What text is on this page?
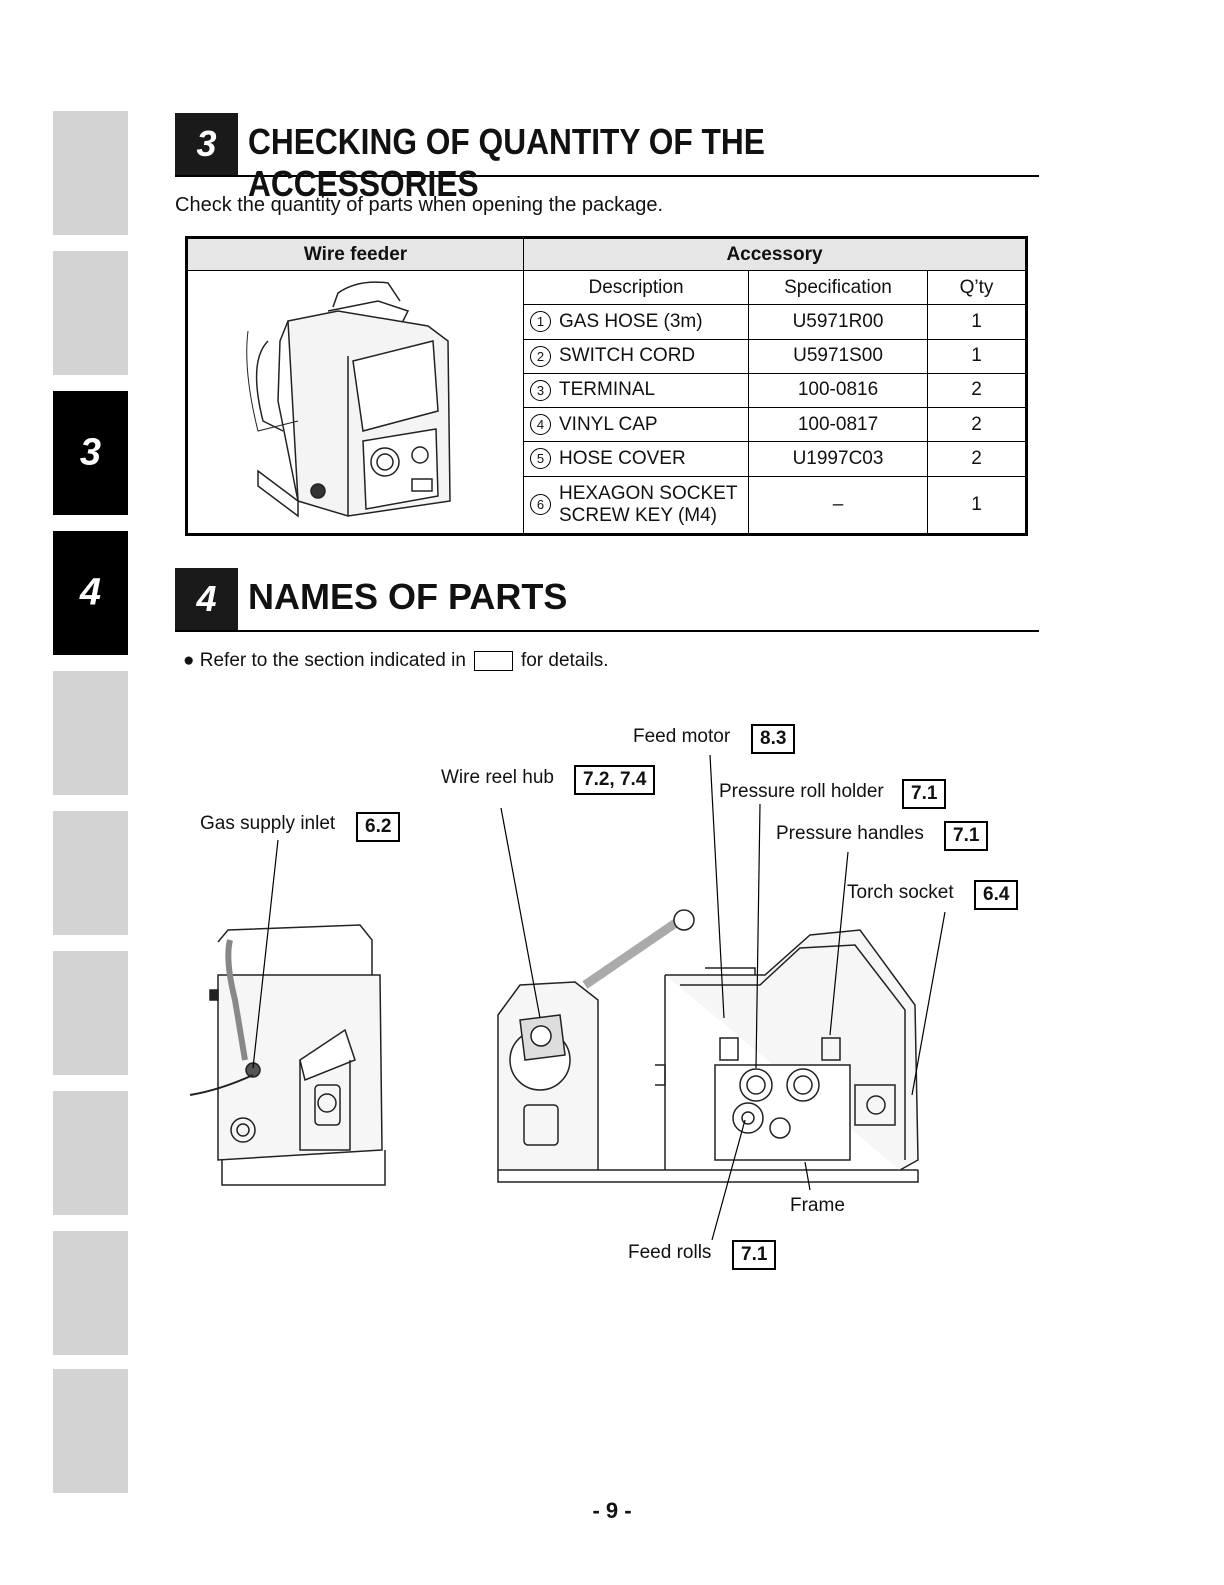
3
4
3 CHECKING OF QUANTITY OF THE ACCESSORIES
Check the quantity of parts when opening the package.
Wire feeder	Accessory		

	Description	Specification	Q’ty
	1 GAS HOSE (3m)	U5971R00	1
	2 SWITCH CORD	U5971S00	1
	3 TERMINAL	100-0816	2
	4 VINYL CAP	100-0817	2
	5 HOSE COVER	U1997C03	2

	6
HEXAGON SOCKET
SCREW KEY (M4)	–	1
4 NAMES OF PARTS
● Refer to the section indicated in	for details.
Feed motor	8.3
Wire reel hub	7.2, 7.4
Pressure roll holder	7.1
Gas supply inlet	6.2	Pressure handles	7.1
Torch socket	6.4
Frame
Feed rolls	7.1
- 9 -
